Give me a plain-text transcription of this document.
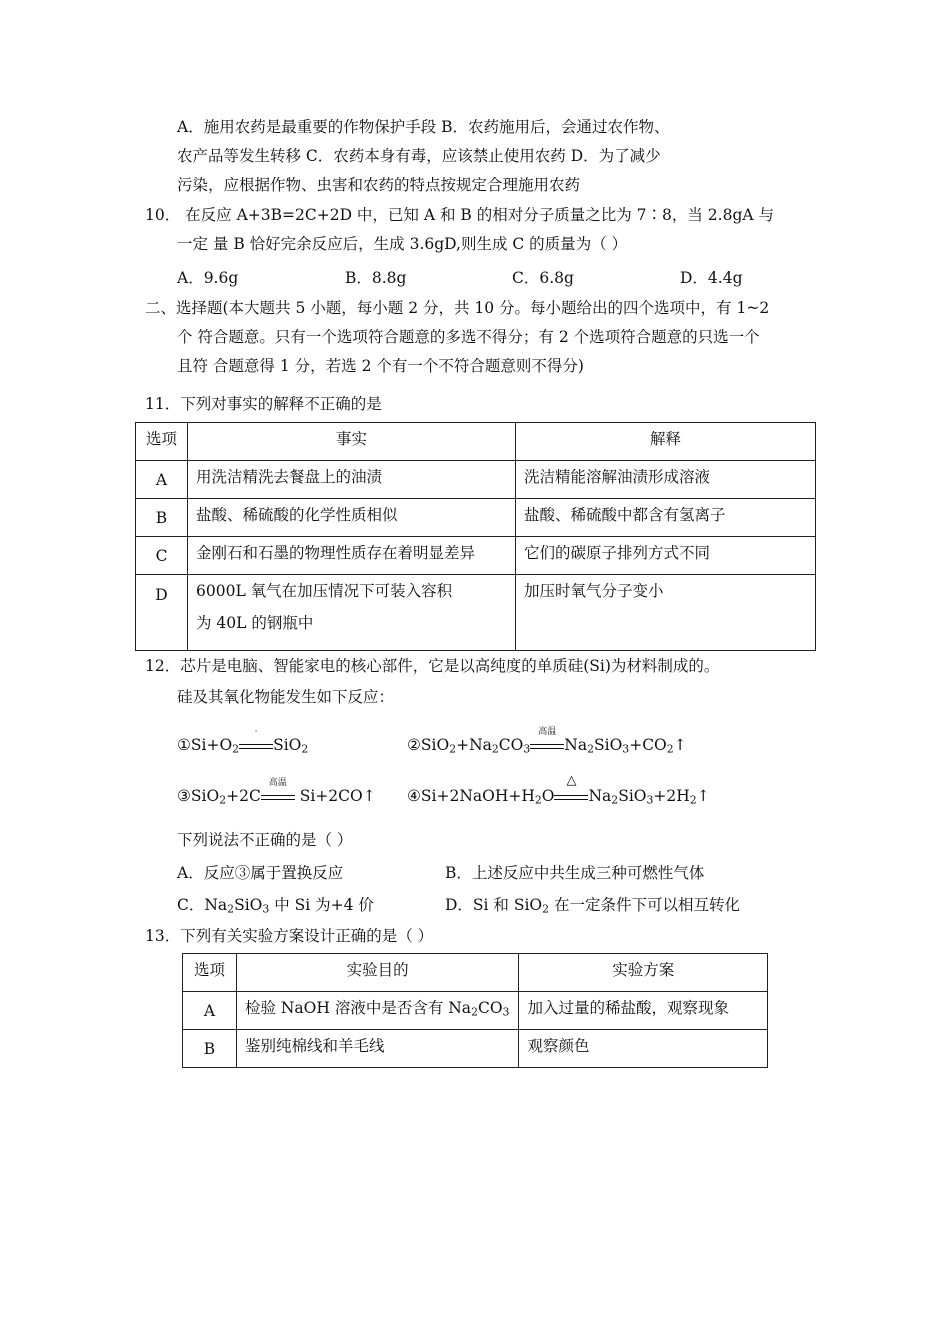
A．施用农药是最重要的作物保护手段 B．农药施用后，会通过农作物、
农产品等发生转移 C．农药本身有毒，应该禁止使用农药 D．为了减少
污染，应根据作物、虫害和农药的特点按规定合理施用农药
10． 在反应 A+3B=2C+2D 中，已知 A 和 B 的相对分子质量之比为 7∶8，当 2.8gA 与
一定 量 B 恰好完余反应后，生成 3.6gD,则生成 C 的质量为（ ）
A．9.6g	B．8.8g	C．6.8g	D．4.4g
二、选择题(本大题共 5 小题，每小题 2 分，共 10 分。每小题给出的四个选项中，有 1~2
个 符合题意。只有一个选项符合题意的多选不得分；有 2 个选项符合题意的只选一个
且符 合题意得 1 分，若选 2 个有一个不符合题意则不得分)
11．下列对事实的解释不正确的是
选项	事实	解释
A	用洗洁精洗去餐盘上的油渍	洗洁精能溶解油渍形成溶液
B	盐酸、稀硫酸的化学性质相似	盐酸、稀硫酸中都含有氢离子
C	金刚石和石墨的物理性质存在着明显差异	它们的碳原子排列方式不同
D	6000L 氧气在加压情况下可装入容积
为 40L 的钢瓶中	加压时氧气分子变小
12．芯片是电脑、智能家电的核心部件，它是以高纯度的单质硅(Si)为材料制成的。
硅及其氧化物能发生如下反应：
$①Si+O_2$
·
SiO$_2$	$②SiO_2+Na_2CO_3$
高温
$Na_2SiO_3+CO_2↑$
③SiO$_2$+2C
高温
Si+2CO↑ $④Si+2NaOH+H_2O$
△
$Na_2SiO_3+2H_2↑$
下列说法不正确的是（ ）
A．反应③属于置换反应	B．上述反应中共生成三种可燃性气体
C．$Na_2SiO_3$ 中 Si 为+4 价	D．Si 和 SiO$_2$ 在一定条件下可以相互转化
13．下列有关实验方案设计正确的是（ ）
选项	实验目的	实验方案
A	检验 NaOH 溶液中是否含有 $Na_2CO_3$	加入过量的稀盐酸，观察现象
B	鉴别纯棉线和羊毛线	观察颜色
